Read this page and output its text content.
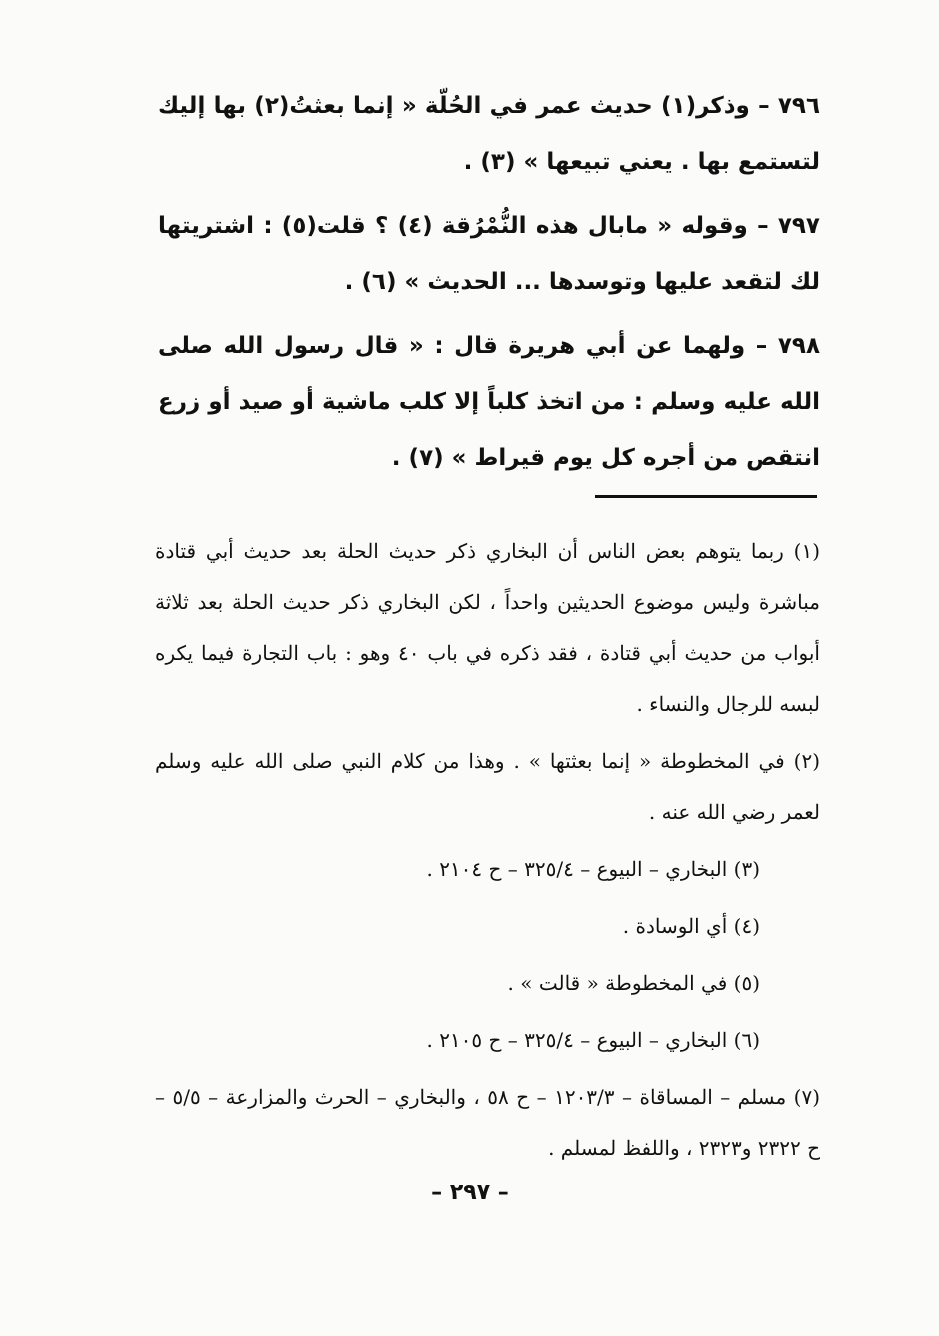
٧٩٦ – وذكر(١) حديث عمر في الحُلّة « إنما بعثتُ(٢) بها إليك لتستمع بها . يعني تبيعها » (٣) .

٧٩٧ – وقوله « مابال هذه النُّمْرُقة (٤) ؟ قلت(٥) : اشتريتها لك لتقعد عليها وتوسدها ... الحديث » (٦) .

٧٩٨ – ولهما عن أبي هريرة قال : « قال رسول الله صلى الله عليه وسلم : من اتخذ كلباً إلا كلب ماشية أو صيد أو زرع انتقص من أجره كل يوم قيراط » (٧) .

(١) ربما يتوهم بعض الناس أن البخاري ذكر حديث الحلة بعد حديث أبي قتادة مباشرة وليس موضوع الحديثين واحداً ، لكن البخاري ذكر حديث الحلة بعد ثلاثة أبواب من حديث أبي قتادة ، فقد ذكره في باب ٤٠ وهو : باب التجارة فيما يكره لبسه للرجال والنساء .

(٢) في المخطوطة « إنما بعثتها » . وهذا من كلام النبي صلى الله عليه وسلم لعمر رضي الله عنه .

(٣) البخاري – البيوع – ٣٢٥/٤ – ح ٢١٠٤ .

(٤) أي الوسادة .

(٥) في المخطوطة « قالت » .

(٦) البخاري – البيوع – ٣٢٥/٤ – ح ٢١٠٥ .

(٧) مسلم – المساقاة – ١٢٠٣/٣ – ح ٥٨ ، والبخاري – الحرث والمزارعة – ٥/٥ – ح ٢٣٢٢ و٢٣٢٣ ، واللفظ لمسلم .

– ٢٩٧ –
